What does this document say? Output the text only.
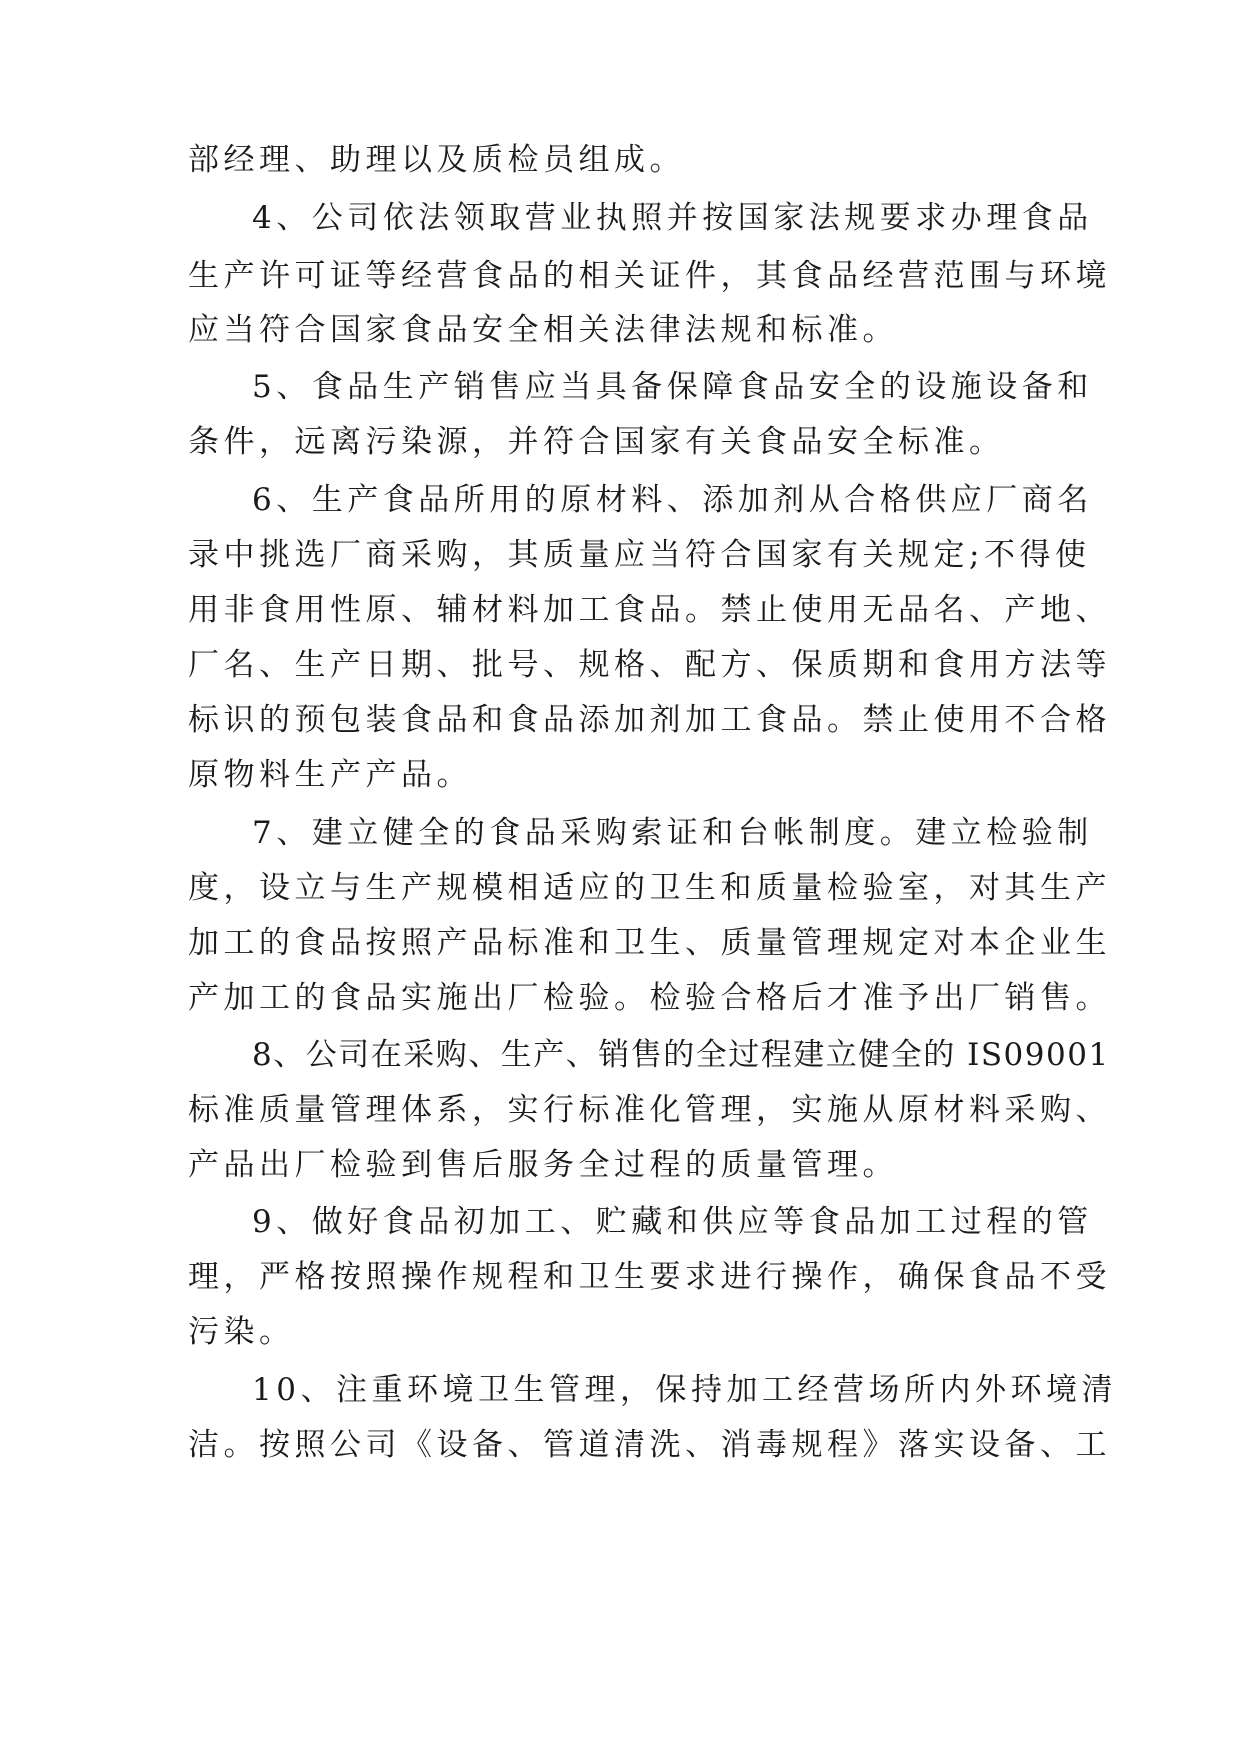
部经理、助理以及质检员组成。
4、公司依法领取营业执照并按国家法规要求办理食品
生产许可证等经营食品的相关证件，其食品经营范围与环境
应当符合国家食品安全相关法律法规和标准。
5、食品生产销售应当具备保障食品安全的设施设备和
条件，远离污染源，并符合国家有关食品安全标准。
6、生产食品所用的原材料、添加剂从合格供应厂商名
录中挑选厂商采购，其质量应当符合国家有关规定;不得使
用非食用性原、辅材料加工食品。禁止使用无品名、产地、
厂名、生产日期、批号、规格、配方、保质期和食用方法等
标识的预包装食品和食品添加剂加工食品。禁止使用不合格
原物料生产产品。
7、建立健全的食品采购索证和台帐制度。建立检验制
度，设立与生产规模相适应的卫生和质量检验室，对其生产
加工的食品按照产品标准和卫生、质量管理规定对本企业生
产加工的食品实施出厂检验。检验合格后才准予出厂销售。
8、公司在采购、生产、销售的全过程建立健全的 IS09001
标准质量管理体系，实行标准化管理，实施从原材料采购、
产品出厂检验到售后服务全过程的质量管理。
9、做好食品初加工、贮藏和供应等食品加工过程的管
理，严格按照操作规程和卫生要求进行操作，确保食品不受
污染。
10、注重环境卫生管理，保持加工经营场所内外环境清
洁。按照公司《设备、管道清洗、消毒规程》落实设备、工
